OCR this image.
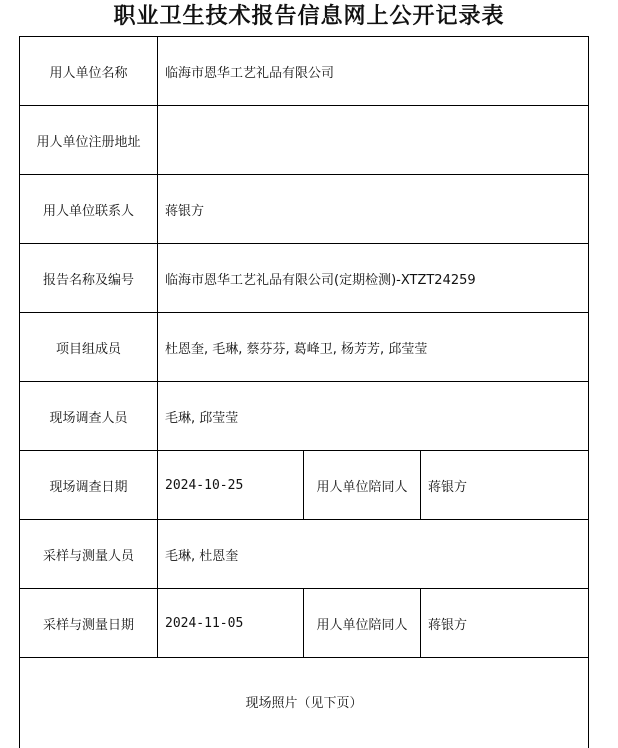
职业卫生技术报告信息网上公开记录表
用人单位名称	临海市恩华工艺礼品有限公司		
用人单位注册地址			
用人单位联系人	蒋银方		
报告名称及编号	临海市恩华工艺礼品有限公司(定期检测)-XTZT24259		
项目组成员	杜恩奎, 毛琳, 蔡芬芬, 葛峰卫, 杨芳芳, 邱莹莹		
现场调查人员	毛琳, 邱莹莹		
现场调查日期	2024-10-25	用人单位陪同人	蒋银方
采样与测量人员	毛琳, 杜恩奎		
采样与测量日期	2024-11-05	用人单位陪同人	蒋银方
现场照片（见下页）			
